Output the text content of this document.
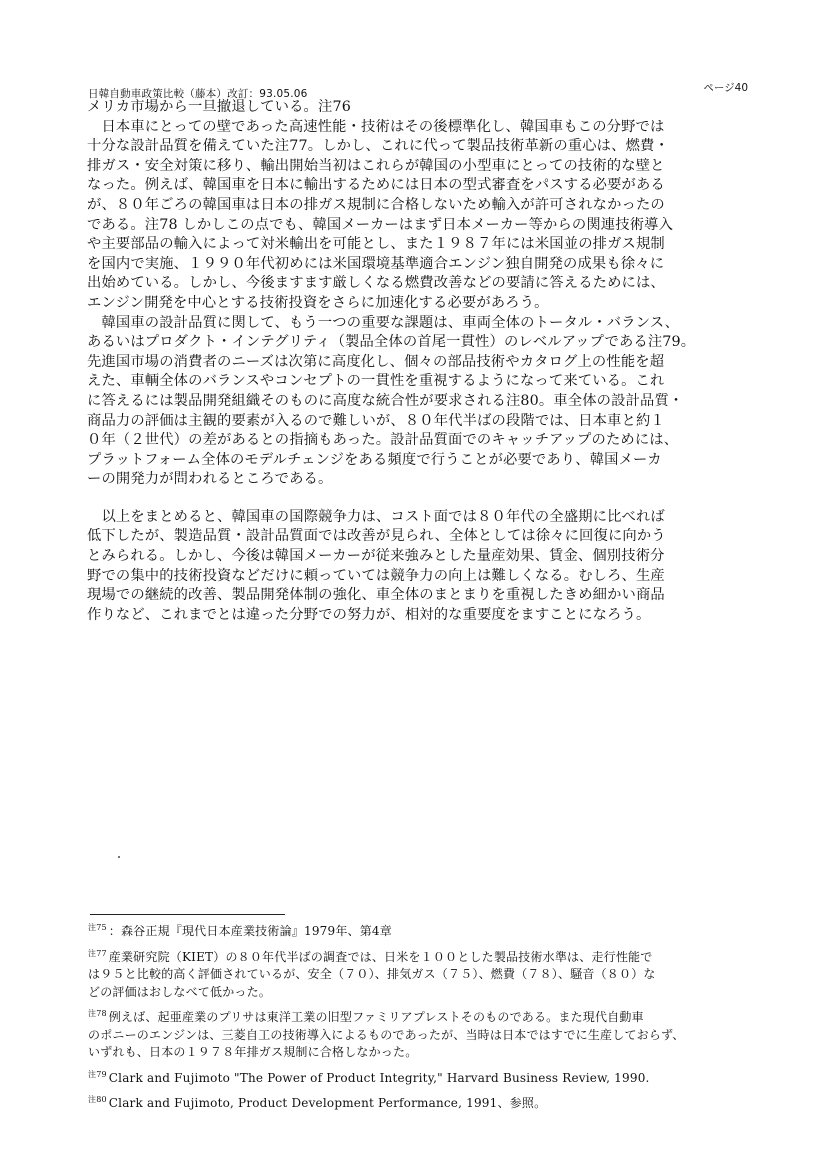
日韓自動車政策比較（藤本）改訂：93.05.06	ページ40

メリカ市場から一旦撤退している。注76
　日本車にとっての壁であった高速性能・技術はその後標準化し、韓国車もこの分野では
十分な設計品質を備えていた注77。しかし、これに代って製品技術革新の重心は、燃費・
排ガス・安全対策に移り、輸出開始当初はこれらが韓国の小型車にとっての技術的な壁と
なった。例えば、韓国車を日本に輸出するためには日本の型式審査をパスする必要がある
が、８０年ごろの韓国車は日本の排ガス規制に合格しないため輸入が許可されなかったの
である。注78 しかしこの点でも、韓国メーカーはまず日本メーカー等からの関連技術導入
や主要部品の輸入によって対米輸出を可能とし、また１９８７年には米国並の排ガス規制
を国内で実施、１９９０年代初めには米国環境基準適合エンジン独自開発の成果も徐々に
出始めている。しかし、今後ますます厳しくなる燃費改善などの要請に答えるためには、
エンジン開発を中心とする技術投資をさらに加速化する必要があろう。

　韓国車の設計品質に関して、もう一つの重要な課題は、車両全体のトータル・バランス、
あるいはプロダクト・インテグリティ（製品全体の首尾一貫性）のレベルアップである注79。
先進国市場の消費者のニーズは次第に高度化し、個々の部品技術やカタログ上の性能を超
えた、車輌全体のバランスやコンセプトの一貫性を重視するようになって来ている。これ
に答えるには製品開発組織そのものに高度な統合性が要求される注80。車全体の設計品質・
商品力の評価は主観的要素が入るので難しいが、８０年代半ばの段階では、日本車と約１
０年（２世代）の差があるとの指摘もあった。設計品質面でのキャッチアップのためには、
プラットフォーム全体のモデルチェンジをある頻度で行うことが必要であり、韓国メーカ
ーの開発力が問われるところである。

　以上をまとめると、韓国車の国際競争力は、コスト面では８０年代の全盛期に比べれば
低下したが、製造品質・設計品質面では改善が見られ、全体としては徐々に回復に向かう
とみられる。しかし、今後は韓国メーカーが従来強みとした量産効果、賃金、個別技術分
野での集中的技術投資などだけに頼っていては競争力の向上は難しくなる。むしろ、生産
現場での継続的改善、製品開発体制の強化、車全体のまとまりを重視したきめ細かい商品
作りなど、これまでとは違った分野での努力が、相対的な重要度をますことになろう。

$^{注75}$ ：森谷正規『現代日本産業技術論』1979年、第4章

$^{注77}$ 産業研究院（KIET）の８０年代半ばの調査では、日米を１００とした製品技術水準は、走行性能で
は９５と比較的高く評価されているが、安全（７０）、排気ガス（７５）、燃費（７８）、騒音（８０）な
どの評価はおしなべて低かった。

$^{注78}$ 例えば、起亜産業のプリサは東洋工業の旧型ファミリアプレストそのものである。また現代自動車
のポニーのエンジンは、三菱自工の技術導入によるものであったが、当時は日本ではすでに生産しておらず、
いずれも、日本の１９７８年排ガス規制に合格しなかった。

$^{注79}$ Clark and Fujimoto "The Power of Product Integrity," Harvard Business Review, 1990.

$^{注80}$ Clark and Fujimoto, Product Development Performance, 1991、参照。
